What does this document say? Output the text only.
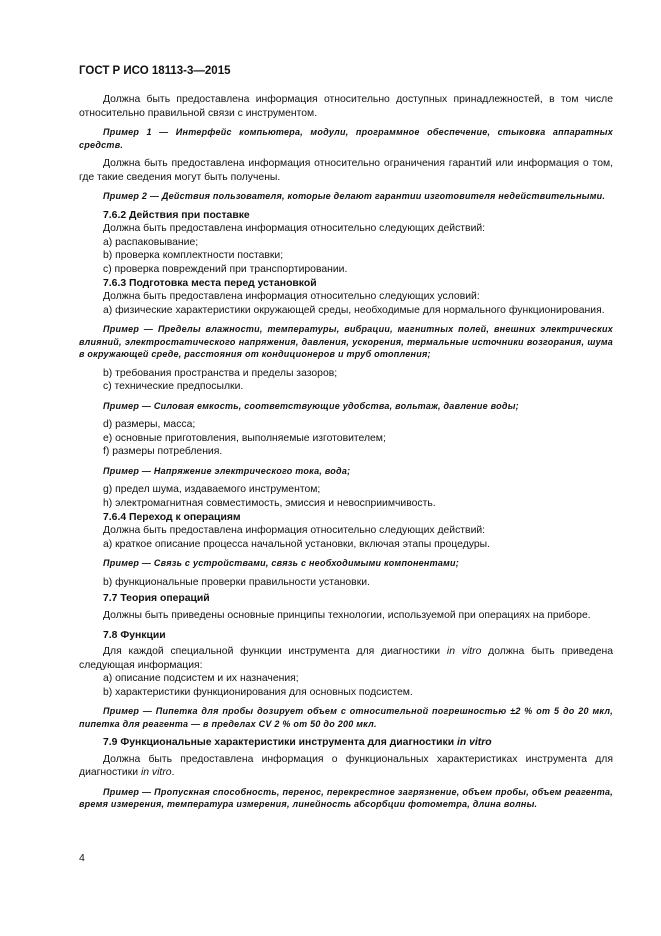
ГОСТ Р ИСО 18113-3—2015

Должна быть предоставлена информация относительно доступных принадлежностей, в том числе относительно правильной связи с инструментом.

Пример 1 — Интерфейс компьютера, модули, программное обеспечение, стыковка аппаратных средств.

Должна быть предоставлена информация относительно ограничения гарантий или информация о том, где такие сведения могут быть получены.

Пример 2 — Действия пользователя, которые делают гарантии изготовителя недействительными.

7.6.2 Действия при поставке

Должна быть предоставлена информация относительно следующих действий:

а) распаковывание;

b) проверка комплектности поставки;

с) проверка повреждений при транспортировании.

7.6.3 Подготовка места перед установкой

Должна быть предоставлена информация относительно следующих условий:

а) физические характеристики окружающей среды, необходимые для нормального функционирования.

Пример — Пределы влажности, температуры, вибрации, магнитных полей, внешних электрических влияний, электростатического напряжения, давления, ускорения, термальные источники возгорания, шума в окружающей среде, расстояния от кондиционеров и труб отопления;

b) требования пространства и пределы зазоров;

с) технические предпосылки.

Пример — Силовая емкость, соответствующие удобства, вольтаж, давление воды;

d) размеры, масса;

е) основные приготовления, выполняемые изготовителем;

f) размеры потребления.

Пример — Напряжение электрического тока, вода;

g) предел шума, издаваемого инструментом;

h) электромагнитная совместимость, эмиссия и невосприимчивость.

7.6.4 Переход к операциям

Должна быть предоставлена информация относительно следующих действий:

а) краткое описание процесса начальной установки, включая этапы процедуры.

Пример — Связь с устройствами, связь с необходимыми компонентами;

b) функциональные проверки правильности установки.

7.7 Теория операций

Должны быть приведены основные принципы технологии, используемой при операциях на приборе.

7.8 Функции

Для каждой специальной функции инструмента для диагностики in vitro должна быть приведена следующая информация:

а) описание подсистем и их назначения;

b) характеристики функционирования для основных подсистем.

Пример — Пипетка для пробы дозирует объем с относительной погрешностью ±2 % от 5 до 20 мкл, пипетка для реагента — в пределах CV 2 % от 50 до 200 мкл.

7.9 Функциональные характеристики инструмента для диагностики in vitro

Должна быть предоставлена информация о функциональных характеристиках инструмента для диагностики in vitro.

Пример — Пропускная способность, перенос, перекрестное загрязнение, объем пробы, объем реагента, время измерения, температура измерения, линейность абсорбции фотометра, длина волны.

4
